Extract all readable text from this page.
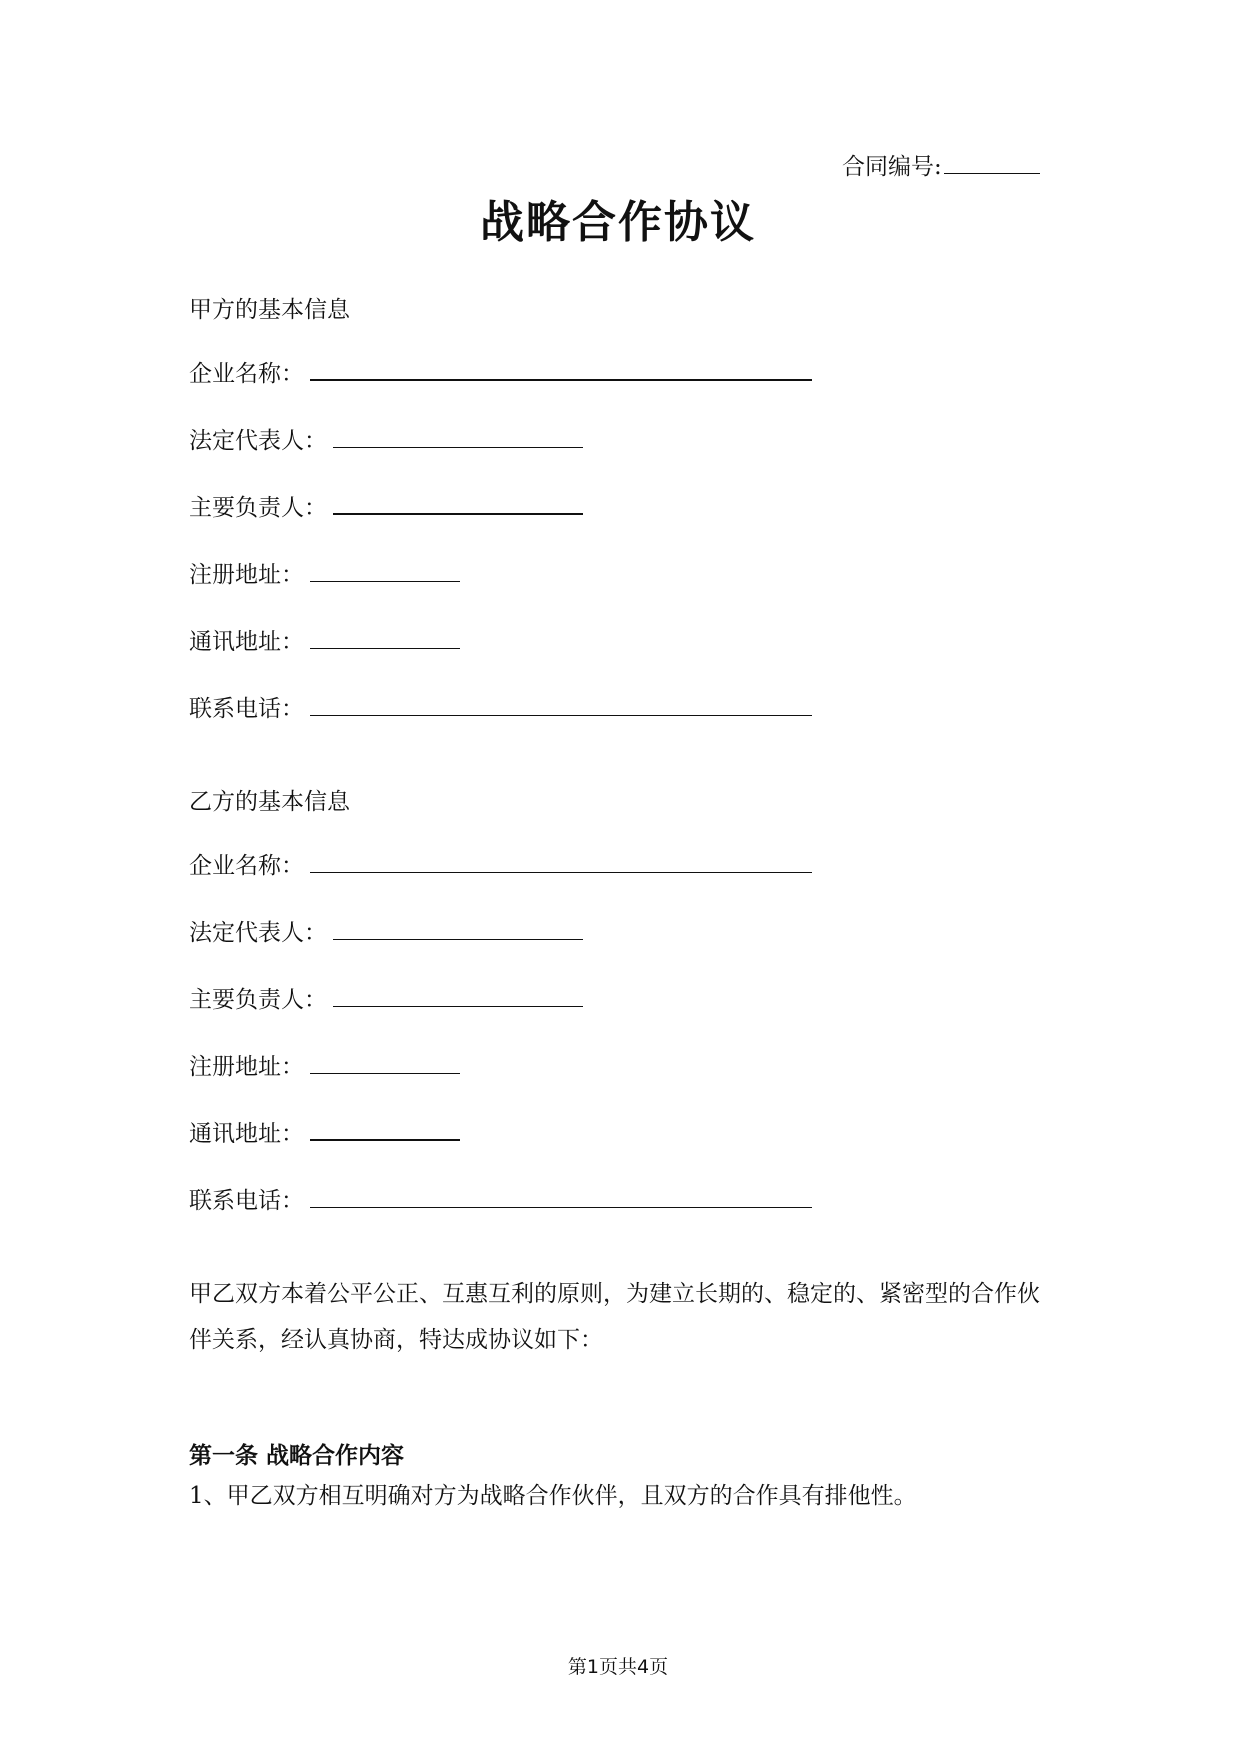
合同编号:
战略合作协议
甲方的基本信息
企业名称：
法定代表人：
主要负责人：
注册地址：
通讯地址：
联系电话：
乙方的基本信息
企业名称：
法定代表人：
主要负责人：
注册地址：
通讯地址：
联系电话：
甲乙双方本着公平公正、互惠互利的原则，为建立长期的、稳定的、紧密型的合作伙伴关系，经认真协商，特达成协议如下：
第一条 战略合作内容
1、甲乙双方相互明确对方为战略合作伙伴，且双方的合作具有排他性。
第1页共4页
